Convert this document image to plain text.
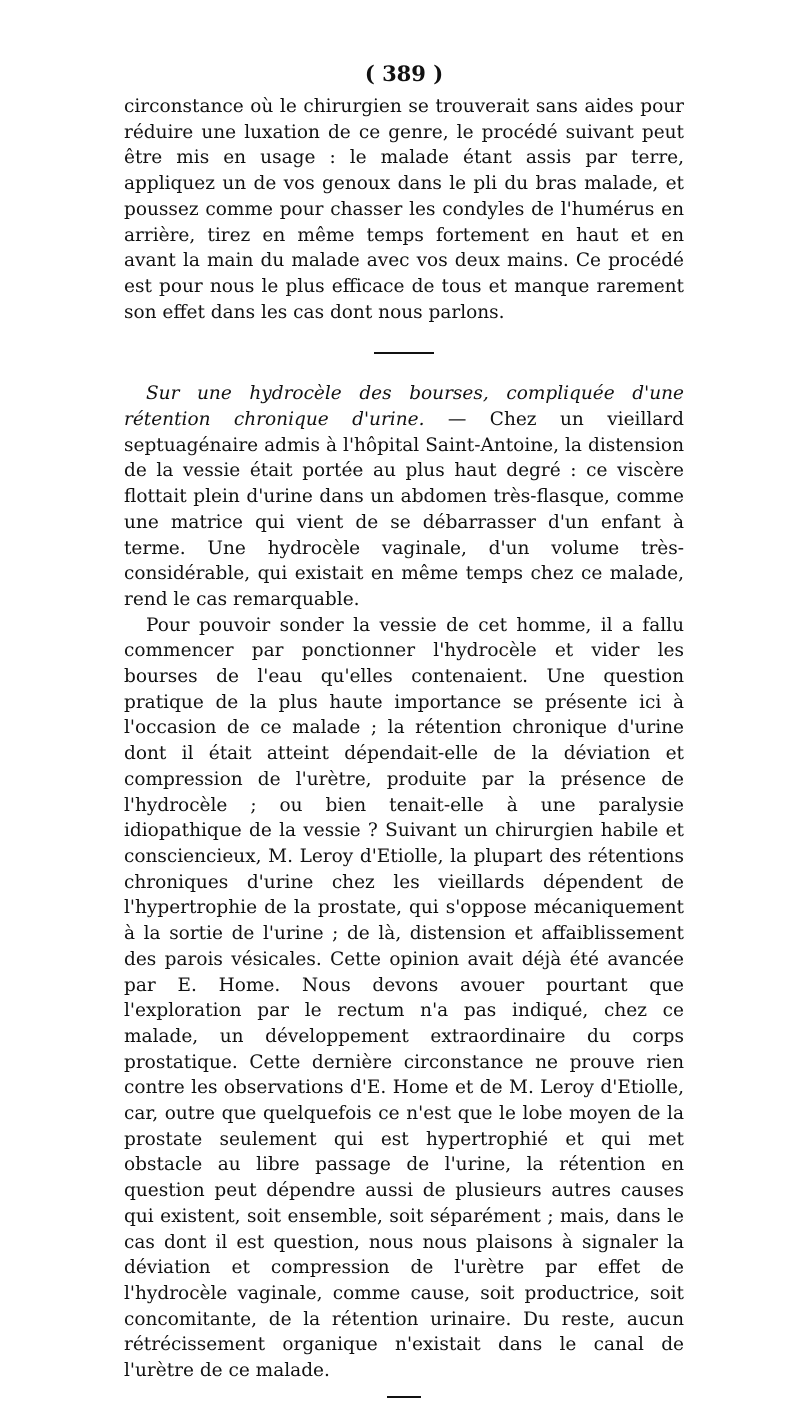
( 389 )

circonstance où le chirurgien se trouverait sans aides pour réduire une luxation de ce genre, le procédé suivant peut être mis en usage : le malade étant assis par terre, appliquez un de vos genoux dans le pli du bras malade, et poussez comme pour chasser les condyles de l'humérus en arrière, tirez en même temps fortement en haut et en avant la main du malade avec vos deux mains. Ce procédé est pour nous le plus efficace de tous et manque rarement son effet dans les cas dont nous parlons.

Sur une hydrocèle des bourses, compliquée d'une rétention chronique d'urine. — Chez un vieillard septuagénaire admis à l'hôpital Saint-Antoine, la distension de la vessie était portée au plus haut degré : ce viscère flottait plein d'urine dans un abdomen très-flasque, comme une matrice qui vient de se débarrasser d'un enfant à terme. Une hydrocèle vaginale, d'un volume très-considérable, qui existait en même temps chez ce malade, rend le cas remarquable.

Pour pouvoir sonder la vessie de cet homme, il a fallu commencer par ponctionner l'hydrocèle et vider les bourses de l'eau qu'elles contenaient. Une question pratique de la plus haute importance se présente ici à l'occasion de ce malade ; la rétention chronique d'urine dont il était atteint dépendait-elle de la déviation et compression de l'urètre, produite par la présence de l'hydrocèle ; ou bien tenait-elle à une paralysie idiopathique de la vessie ? Suivant un chirurgien habile et consciencieux, M. Leroy d'Etiolle, la plupart des rétentions chroniques d'urine chez les vieillards dépendent de l'hypertrophie de la prostate, qui s'oppose mécaniquement à la sortie de l'urine ; de là, distension et affaiblissement des parois vésicales. Cette opinion avait déjà été avancée par E. Home. Nous devons avouer pourtant que l'exploration par le rectum n'a pas indiqué, chez ce malade, un développement extraordinaire du corps prostatique. Cette dernière circonstance ne prouve rien contre les observations d'E. Home et de M. Leroy d'Etiolle, car, outre que quelquefois ce n'est que le lobe moyen de la prostate seulement qui est hypertrophié et qui met obstacle au libre passage de l'urine, la rétention en question peut dépendre aussi de plusieurs autres causes qui existent, soit ensemble, soit séparément ; mais, dans le cas dont il est question, nous nous plaisons à signaler la déviation et compression de l'urètre par effet de l'hydrocèle vaginale, comme cause, soit productrice, soit concomitante, de la rétention urinaire. Du reste, aucun rétrécissement organique n'existait dans le canal de l'urètre de ce malade.
